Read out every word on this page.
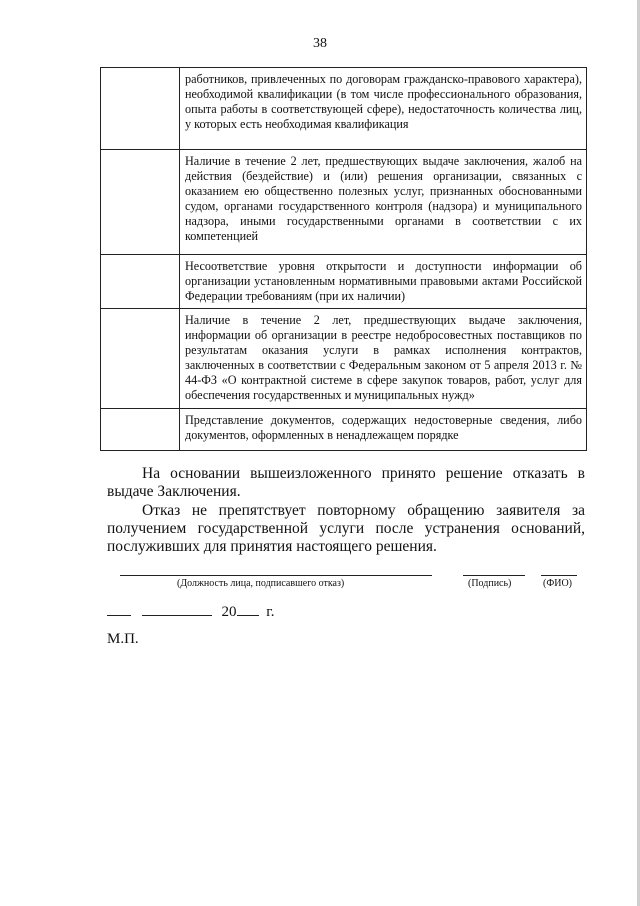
38
	работников, привлеченных по договорам гражданско-правового характера), необходимой квалификации (в том числе профессионального образования, опыта работы в соответствующей сфере), недостаточность количества лиц, у которых есть необходимая квалификация
	Наличие в течение 2 лет, предшествующих выдаче заключения, жалоб на действия (бездействие) и (или) решения организации, связанных с оказанием ею общественно полезных услуг, признанных обоснованными судом, органами государственного контроля (надзора) и муниципального надзора, иными государственными органами в соответствии с их компетенцией
	Несоответствие уровня открытости и доступности информации об организации установленным нормативными правовыми актами Российской Федерации требованиям (при их наличии)
	Наличие в течение 2 лет, предшествующих выдаче заключения, информации об организации в реестре недобросовестных поставщиков по результатам оказания услуги в рамках исполнения контрактов, заключенных в соответствии с Федеральным законом от 5 апреля 2013 г. № 44-ФЗ «О контрактной системе в сфере закупок товаров, работ, услуг для обеспечения государственных и муниципальных нужд»
	Представление документов, содержащих недостоверные сведения, либо документов, оформленных в ненадлежащем порядке

На основании вышеизложенного принято решение отказать в выдаче Заключения.

Отказ не препятствует повторному обращению заявителя за получением государственной услуги после устранения оснований, послуживших для принятия настоящего решения.

(Должность лица, подписавшего отказ)	(Подпись)	(ФИО)
20 г.
М.П.
